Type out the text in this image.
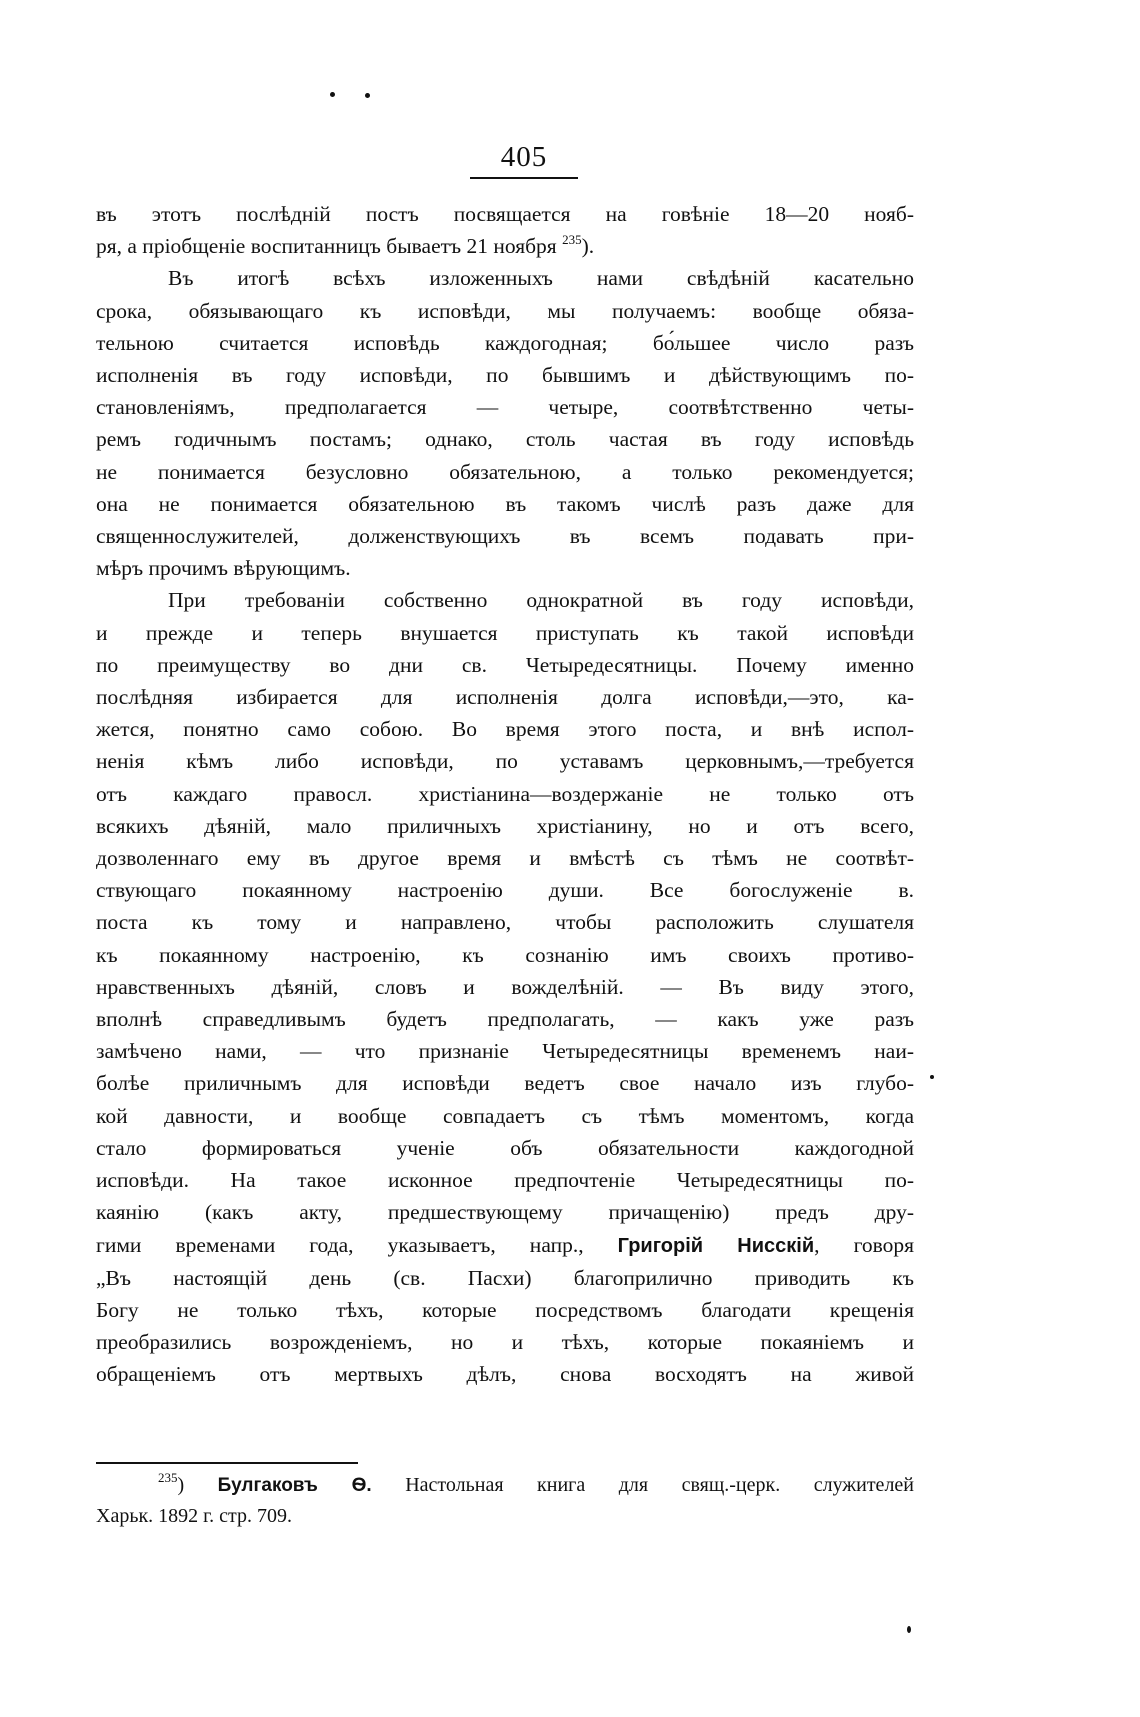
405

въ этотъ послѣдній постъ посвящается на говѣніе 18—20 нояб-
ря, а пріобщеніе воспитанницъ бываетъ 21 ноября $^{235}$).

Въ итогѣ всѣхъ изложенныхъ нами свѣдѣній касательно
срока, обязывающаго къ исповѣди, мы получаемъ: вообще обяза-
тельною считается исповѣдь каждогодная; бо́льшее число разъ
исполненія въ году исповѣди, по бывшимъ и дѣйствующимъ по-
становленіямъ, предполагается — четыре, соотвѣтственно четы-
ремъ годичнымъ постамъ; однако, столь частая въ году исповѣдь
не понимается безусловно обязательною, а только рекомендуется;
она не понимается обязательною въ такомъ числѣ разъ даже для
священнослужителей, долженствующихъ въ всемъ подавать при-
мѣръ прочимъ вѣрующимъ.

При требованіи собственно однократной въ году исповѣди,
и прежде и теперь внушается приступать къ такой исповѣди
по преимуществу во дни св. Четыредесятницы. Почему именно
послѣдняя избирается для исполненія долга исповѣди,—это, ка-
жется, понятно само собою. Во время этого поста, и внѣ испол-
ненія кѣмъ либо исповѣди, по уставамъ церковнымъ,—требуется
отъ каждаго правосл. христіанина—воздержаніе не только отъ
всякихъ дѣяній, мало приличныхъ христіанину, но и отъ всего,
дозволеннаго ему въ другое время и вмѣстѣ съ тѣмъ не соотвѣт-
ствующаго покаянному настроенію души. Все богослуженіе в.
поста къ тому и направлено, чтобы расположить слушателя
къ покаянному настроенію, къ сознанію имъ своихъ противо-
нравственныхъ дѣяній, словъ и вожделѣній. — Въ виду этого,
вполнѣ справедливымъ будетъ предполагать, — какъ уже разъ
замѣчено нами, — что признаніе Четыредесятницы временемъ наи-
болѣе приличнымъ для исповѣди ведетъ свое начало изъ глубо-
кой давности, и вообще совпадаетъ съ тѣмъ моментомъ, когда
стало формироваться ученіе объ обязательности каждогодной
исповѣди. На такое исконное предпочтеніе Четыредесятницы по-
каянію (какъ акту, предшествующему причащенію) предъ дру-

гими временами года, указываетъ, напр., Григорій Нисскій, говоря
„Въ настоящій день (св. Пасхи) благоприлично приводить къ
Богу не только тѣхъ, которые посредствомъ благодати крещенія
преобразились возрожденіемъ, но и тѣхъ, которые покаяніемъ и
обращеніемъ отъ мертвыхъ дѣлъ, снова восходятъ на живой

$^{235}$) Булгаковъ Ѳ. Настольная книга для свящ.-церк. служителей
Харьк. 1892 г. стр. 709.
